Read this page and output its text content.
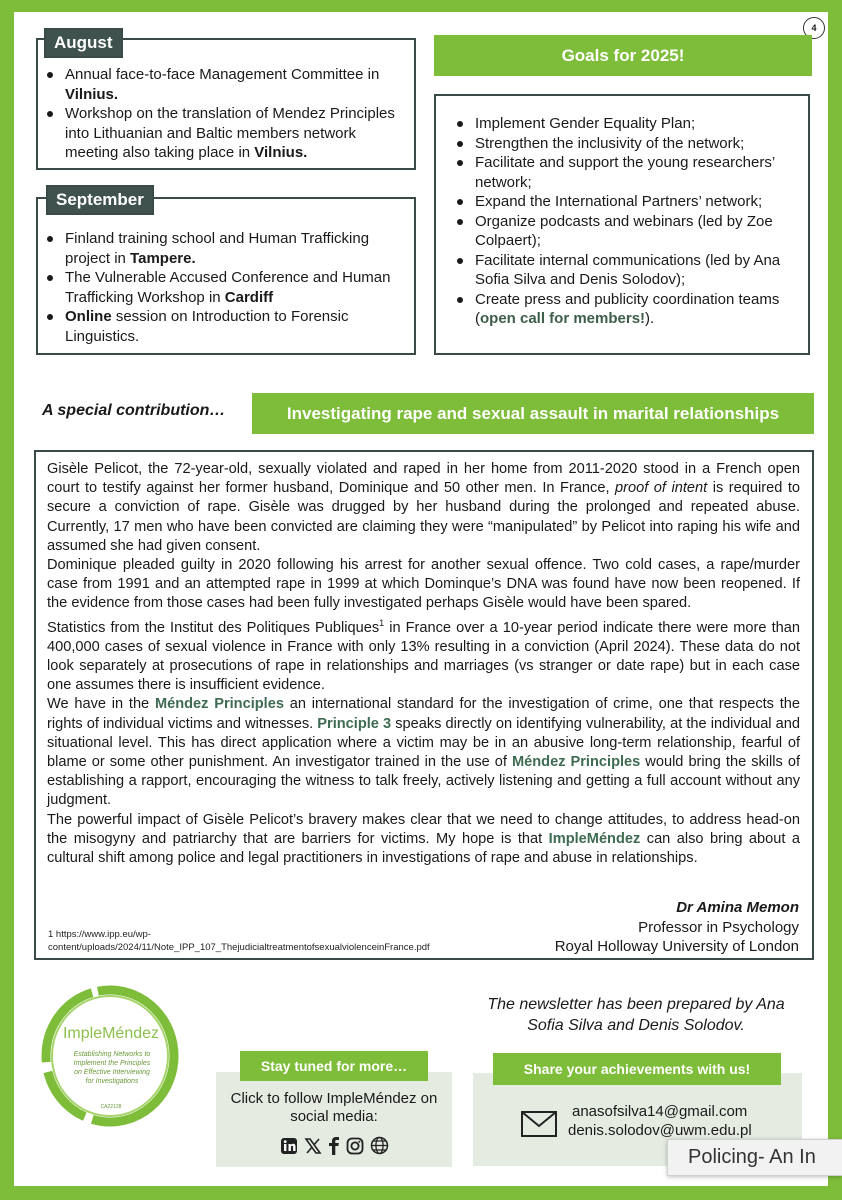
4
Annual face-to-face Management Committee in Vilnius.
Workshop on the translation of Mendez Principles into Lithuanian and Baltic members network meeting also taking place in Vilnius.
August
Finland training school and Human Trafficking project in Tampere.
The Vulnerable Accused Conference and Human Trafficking Workshop in Cardiff
Online session on Introduction to Forensic Linguistics.
September
Goals for 2025!
Implement Gender Equality Plan;
Strengthen the inclusivity of the network;
Facilitate and support the young researchers’ network;
Expand the International Partners’ network;
Organize podcasts and webinars (led by Zoe Colpaert);
Facilitate internal communications (led by Ana Sofia Silva and Denis Solodov);
Create press and publicity coordination teams (open call for members!).
A special contribution…	Investigating rape and sexual assault in marital relationships

Gisèle Pelicot, the 72-year-old, sexually violated and raped in her home from 2011-2020 stood in a French open court to testify against her former husband, Dominique and 50 other men. In France, proof of intent is required to secure a conviction of rape. Gisèle was drugged by her husband during the prolonged and repeated abuse. Currently, 17 men who have been convicted are claiming they were “manipulated” by Pelicot into raping his wife and assumed she had given consent.

Dominique pleaded guilty in 2020 following his arrest for another sexual offence. Two cold cases, a rape/murder case from 1991 and an attempted rape in 1999 at which Dominque’s DNA was found have now been reopened. If the evidence from those cases had been fully investigated perhaps Gisèle would have been spared.

Statistics from the Institut des Politiques Publiques$^1$ in France over a 10-year period indicate there were more than 400,000 cases of sexual violence in France with only 13% resulting in a conviction (April 2024). These data do not look separately at prosecutions of rape in relationships and marriages (vs stranger or date rape) but in each case one assumes there is insufficient evidence.

We have in the Méndez Principles an international standard for the investigation of crime, one that respects the rights of individual victims and witnesses. Principle 3 speaks directly on identifying vulnerability, at the individual and situational level. This has direct application where a victim may be in an abusive long-term relationship, fearful of blame or some other punishment. An investigator trained in the use of Méndez Principles would bring the skills of establishing a rapport, encouraging the witness to talk freely, actively listening and getting a full account without any judgment.

The powerful impact of Gisèle Pelicot’s bravery makes clear that we need to change attitudes, to address head-on the misogyny and patriarchy that are barriers for victims. My hope is that ImpleMéndez can also bring about a cultural shift among police and legal practitioners in investigations of rape and abuse in relationships.

Dr Amina Memon
Professor in Psychology
Royal Holloway University of London
1 https://www.ipp.eu/wp-content/uploads/2024/11/Note_IPP_107_ThejudicialtreatmentofsexualviolenceinFrance.pdf
ImpleMéndez
Establishing Networks to Implement the Principles on Effective Interviewing for Investigations
CA22128	Click to follow ImpleMéndez on social media:
Stay tuned for more…
The newsletter has been prepared by Ana Sofia Silva and Denis Solodov.
anasofsilva14@gmail.com
denis.solodov@uwm.edu.pl
Share your achievements with us!
Policing- An In
